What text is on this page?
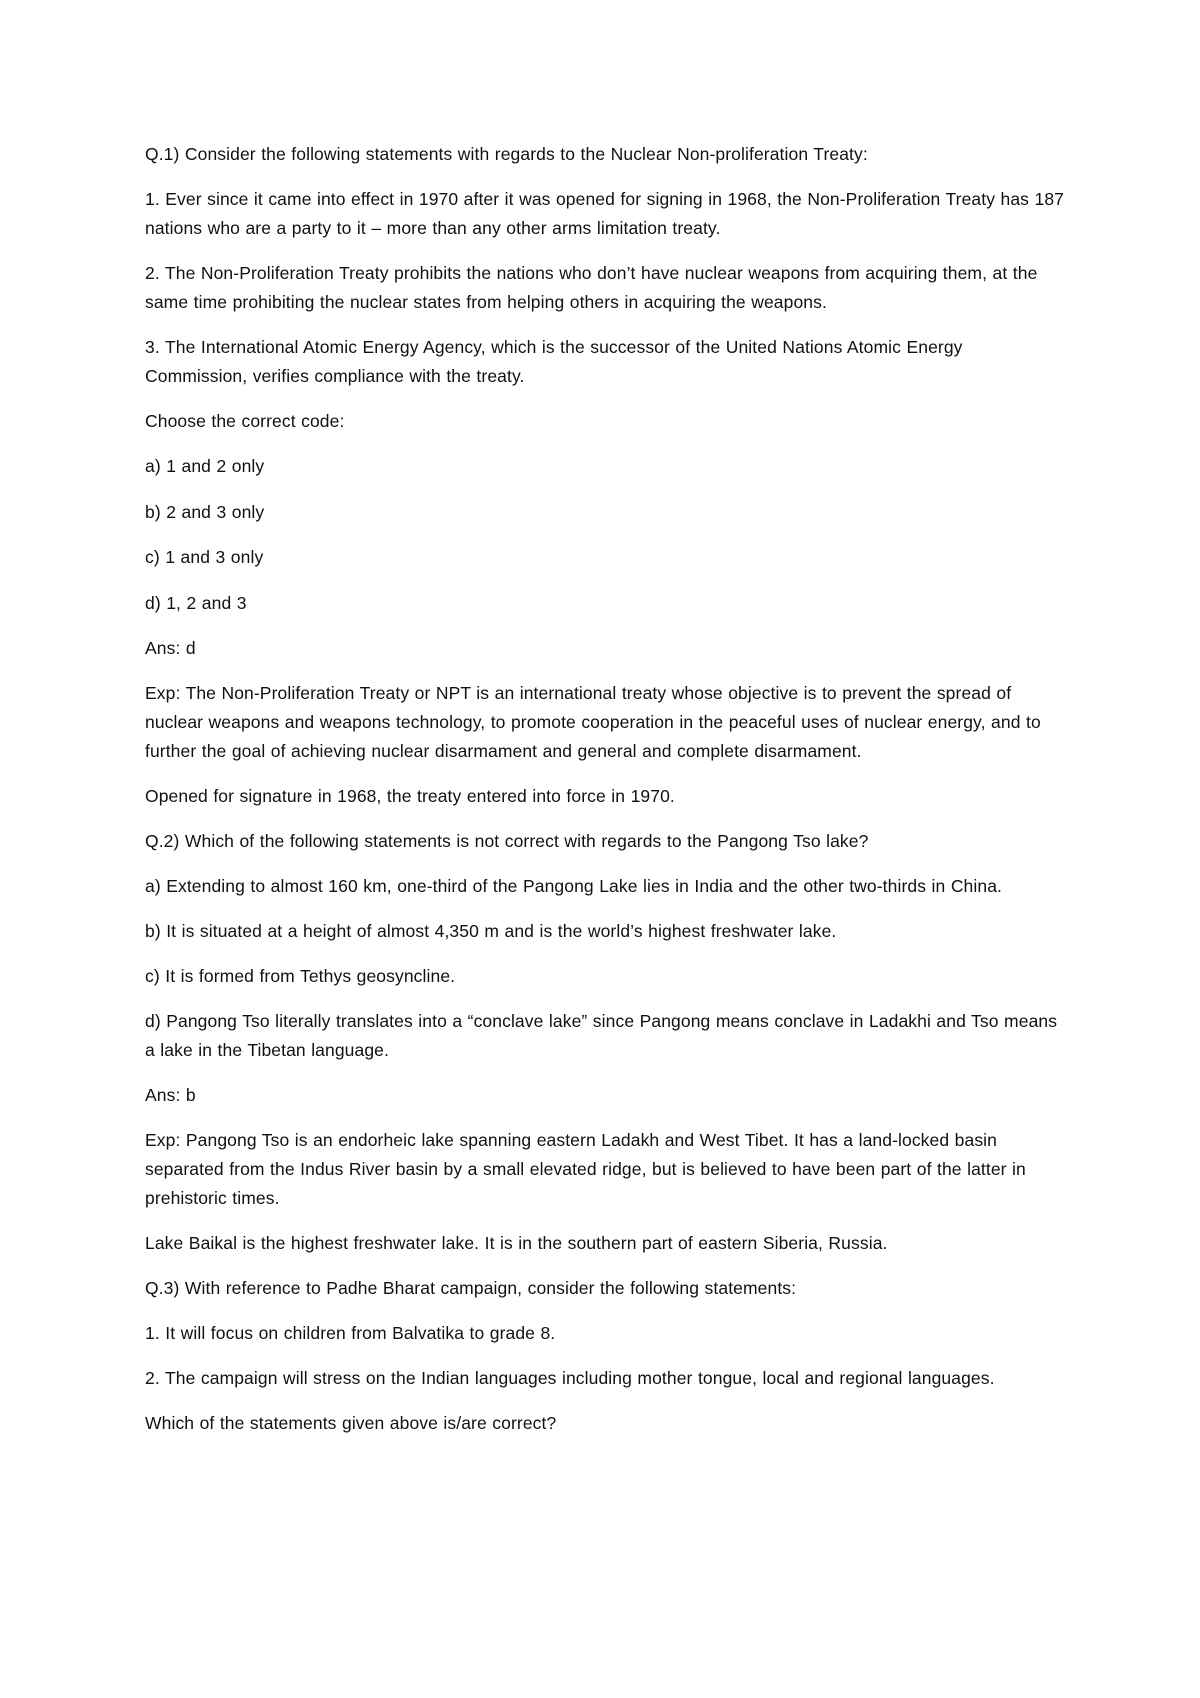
Q.1) Consider the following statements with regards to the Nuclear Non-proliferation Treaty:

1. Ever since it came into effect in 1970 after it was opened for signing in 1968, the Non-Proliferation Treaty has 187 nations who are a party to it – more than any other arms limitation treaty.

2. The Non-Proliferation Treaty prohibits the nations who don’t have nuclear weapons from acquiring them, at the same time prohibiting the nuclear states from helping others in acquiring the weapons.

3. The International Atomic Energy Agency, which is the successor of the United Nations Atomic Energy Commission, verifies compliance with the treaty.

Choose the correct code:

a) 1 and 2 only

b) 2 and 3 only

c) 1 and 3 only

d) 1, 2 and 3

Ans: d

Exp: The Non-Proliferation Treaty or NPT is an international treaty whose objective is to prevent the spread of nuclear weapons and weapons technology, to promote cooperation in the peaceful uses of nuclear energy, and to further the goal of achieving nuclear disarmament and general and complete disarmament.

Opened for signature in 1968, the treaty entered into force in 1970.

Q.2) Which of the following statements is not correct with regards to the Pangong Tso lake?

a) Extending to almost 160 km, one-third of the Pangong Lake lies in India and the other two-thirds in China.

b) It is situated at a height of almost 4,350 m and is the world’s highest freshwater lake.

c) It is formed from Tethys geosyncline.

d) Pangong Tso literally translates into a “conclave lake” since Pangong means conclave in Ladakhi and Tso means a lake in the Tibetan language.

Ans: b

Exp: Pangong Tso is an endorheic lake spanning eastern Ladakh and West Tibet. It has a land-locked basin separated from the Indus River basin by a small elevated ridge, but is believed to have been part of the latter in prehistoric times.

Lake Baikal is the highest freshwater lake. It is in the southern part of eastern Siberia, Russia.

Q.3) With reference to Padhe Bharat campaign, consider the following statements:

1. It will focus on children from Balvatika to grade 8.

2. The campaign will stress on the Indian languages including mother tongue, local and regional languages.

Which of the statements given above is/are correct?
